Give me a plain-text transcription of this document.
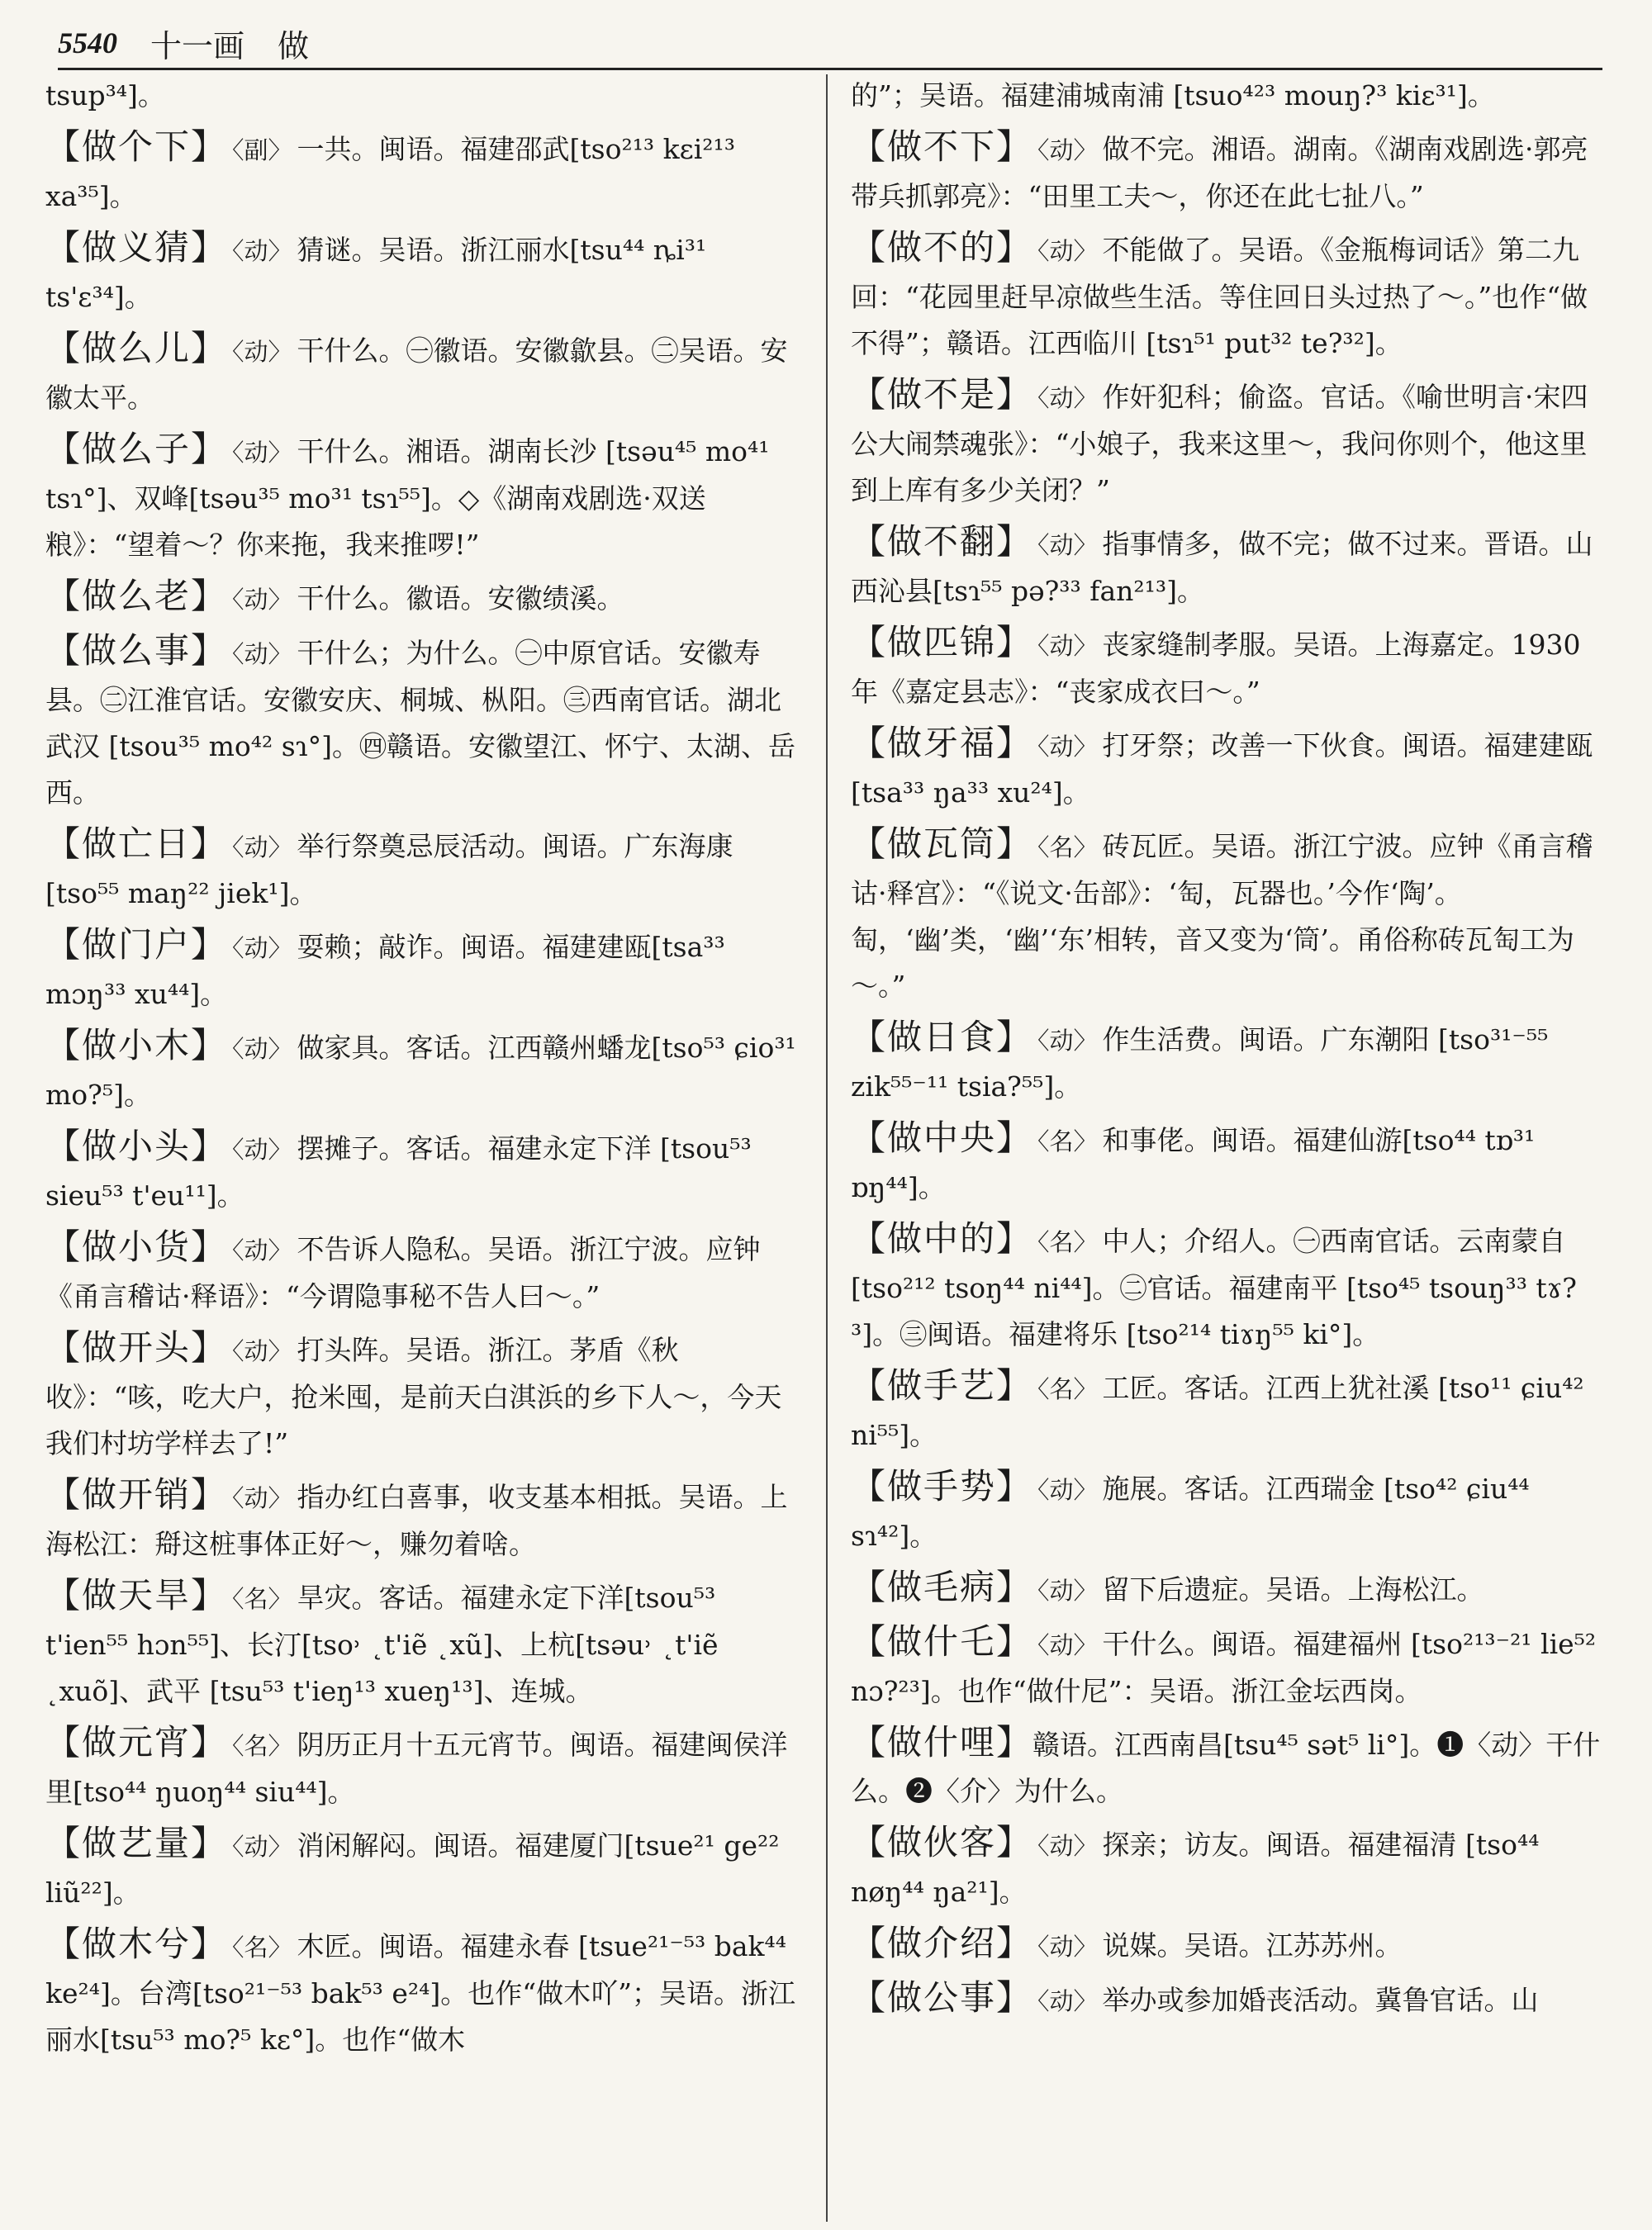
5540 十一画 做
tsup³⁴]。
【做个下】 〈副〉 一共。闽语。福建邵武[tso²¹³ kɛi²¹³ xa³⁵]。
【做义猜】 〈动〉 猜谜。吴语。浙江丽水[tsu⁴⁴ ȵi³¹ ts'ɛ³⁴]。
【做么儿】 〈动〉 干什么。㊀徽语。安徽歙县。㊁吴语。安徽太平。
【做么子】 〈动〉 干什么。湘语。湖南长沙 [tsəu⁴⁵ mo⁴¹ tsɿ°]、双峰[tsəu³⁵ mo³¹ tsɿ⁵⁵]。◇《湖南戏剧选·双送粮》：“望着～？你来拖，我来推啰!”
【做么老】 〈动〉 干什么。徽语。安徽绩溪。
【做么事】 〈动〉 干什么；为什么。㊀中原官话。安徽寿县。㊁江淮官话。安徽安庆、桐城、枞阳。㊂西南官话。湖北武汉 [tsou³⁵ mo⁴² sɿ°]。㊃赣语。安徽望江、怀宁、太湖、岳西。
【做亡日】 〈动〉 举行祭奠忌辰活动。闽语。广东海康 [tso⁵⁵ maŋ²² jiek¹]。
【做门户】 〈动〉 耍赖；敲诈。闽语。福建建瓯[tsa³³ mɔŋ³³ xu⁴⁴]。
【做小木】 〈动〉 做家具。客话。江西赣州蟠龙[tso⁵³ ɕio³¹ mo?⁵]。
【做小头】 〈动〉 摆摊子。客话。福建永定下洋 [tsou⁵³ sieu⁵³ t'eu¹¹]。
【做小货】 〈动〉 不告诉人隐私。吴语。浙江宁波。应钟《甬言稽诂·释语》：“今谓隐事秘不告人曰～。”
【做开头】 〈动〉 打头阵。吴语。浙江。茅盾《秋收》：“咳，吃大户，抢米囤，是前天白淇浜的乡下人～，今天我们村坊学样去了!”
【做开销】 〈动〉 指办红白喜事，收支基本相抵。吴语。上海松江：搿这桩事体正好～，赚勿着啥。
【做天旱】 〈名〉 旱灾。客话。福建永定下洋[tsou⁵³ t'ien⁵⁵ hɔn⁵⁵]、长汀[tso˒ ˛t'iẽ ˛xũ]、上杭[tsəu˒ ˛t'iẽ ˛xuõ]、武平 [tsu⁵³ t'ieŋ¹³ xueŋ¹³]、连城。
【做元宵】 〈名〉 阴历正月十五元宵节。闽语。福建闽侯洋里[tso⁴⁴ ŋuoŋ⁴⁴ siu⁴⁴]。
【做艺量】 〈动〉 消闲解闷。闽语。福建厦门[tsue²¹ ge²² liũ²²]。
【做木兮】 〈名〉 木匠。闽语。福建永春 [tsue²¹⁻⁵³ bak⁴⁴ ke²⁴]。台湾[tso²¹⁻⁵³ bak⁵³ e²⁴]。也作“做木吖”；吴语。浙江丽水[tsu⁵³ mo?⁵ kɛ°]。也作“做木
的”；吴语。福建浦城南浦 [tsuo⁴²³ mouŋ?³ kiɛ³¹]。
【做不下】 〈动〉 做不完。湘语。湖南。《湖南戏剧选·郭亮带兵抓郭亮》：“田里工夫～，你还在此七扯八。”
【做不的】 〈动〉 不能做了。吴语。《金瓶梅词话》第二九回：“花园里赶早凉做些生活。等住回日头过热了～。”也作“做不得”；赣语。江西临川 [tsɿ⁵¹ put³² te?³²]。
【做不是】 〈动〉 作奸犯科；偷盗。官话。《喻世明言·宋四公大闹禁魂张》：“小娘子，我来这里～，我问你则个，他这里到上库有多少关闭？”
【做不翻】 〈动〉 指事情多，做不完；做不过来。晋语。山西沁县[tsɿ⁵⁵ pə?³³ fan²¹³]。
【做匹锦】 〈动〉 丧家缝制孝服。吴语。上海嘉定。1930年《嘉定县志》：“丧家成衣曰～。”
【做牙福】 〈动〉 打牙祭；改善一下伙食。闽语。福建建瓯[tsa³³ ŋa³³ xu²⁴]。
【做瓦筒】 〈名〉 砖瓦匠。吴语。浙江宁波。应钟《甬言稽诂·释宫》：“《说文·缶部》：‘匋，瓦器也。’今作‘陶’。匋，‘幽’类，‘幽’‘东’相转，音又变为‘筒’。甬俗称砖瓦匋工为～。”
【做日食】 〈动〉 作生活费。闽语。广东潮阳 [tso³¹⁻⁵⁵ zik⁵⁵⁻¹¹ tsia?⁵⁵]。
【做中央】 〈名〉 和事佬。闽语。福建仙游[tso⁴⁴ tɒ³¹ ɒŋ⁴⁴]。
【做中的】 〈名〉 中人；介绍人。㊀西南官话。云南蒙自 [tso²¹² tsoŋ⁴⁴ ni⁴⁴]。㊁官话。福建南平 [tso⁴⁵ tsouŋ³³ tɤ?³]。㊂闽语。福建将乐 [tso²¹⁴ tiɤŋ⁵⁵ ki°]。
【做手艺】 〈名〉 工匠。客话。江西上犹社溪 [tso¹¹ ɕiu⁴² ni⁵⁵]。
【做手势】 〈动〉 施展。客话。江西瑞金 [tso⁴² ɕiu⁴⁴ sɿ⁴²]。
【做毛病】 〈动〉 留下后遗症。吴语。上海松江。
【做什乇】 〈动〉 干什么。闽语。福建福州 [tso²¹³⁻²¹ lie⁵² nɔ?²³]。也作“做什尼”：吴语。浙江金坛西岗。
【做什哩】赣语。江西南昌[tsu⁴⁵ sət⁵ li°]。❶〈动〉干什么。❷〈介〉为什么。
【做伙客】 〈动〉 探亲；访友。闽语。福建福清 [tso⁴⁴ nøŋ⁴⁴ ŋa²¹]。
【做介绍】 〈动〉 说媒。吴语。江苏苏州。
【做公事】 〈动〉 举办或参加婚丧活动。冀鲁官话。山
